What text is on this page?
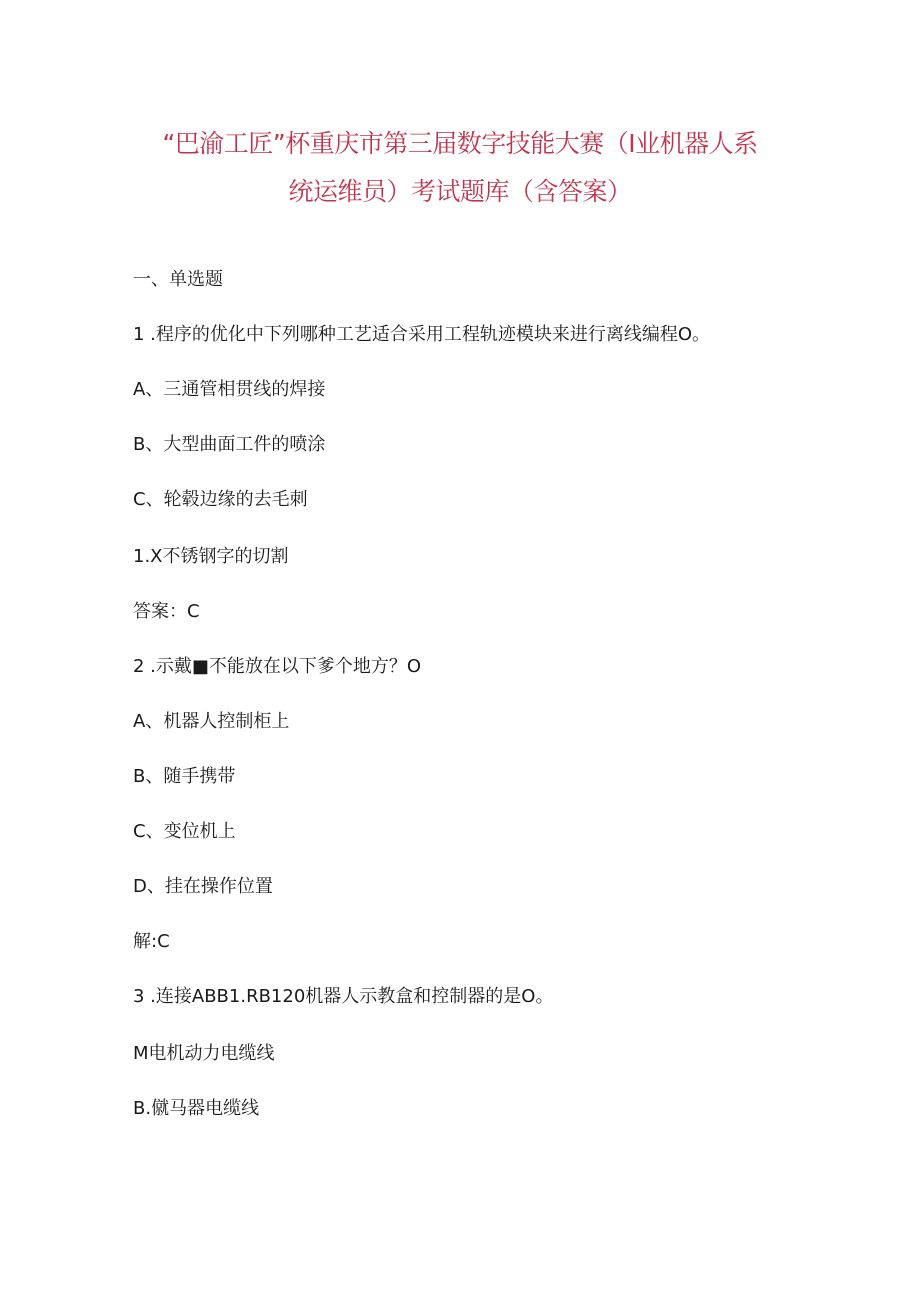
“巴渝工匠”杯重庆市第三届数字技能大赛（I业机器人系
统运维员）考试题库（含答案）
一、单选题
1 .程序的优化中下列哪种工艺适合采用工程轨迹模块来进行离线编程O。
A、三通管相贯线的焊接
B、大型曲面工件的喷涂
C、轮毂边缘的去毛刺
1.X不锈钢字的切割
答案：C
2 .示戴■不能放在以下爹个地方？O
A、机器人控制柜上
B、随手携带
C、变位机上
D、挂在操作位置
解:C
3 .连接ABB1.RB120机器人示教盒和控制器的是O。
M电机动力电缆线
B.僦马器电缆线
